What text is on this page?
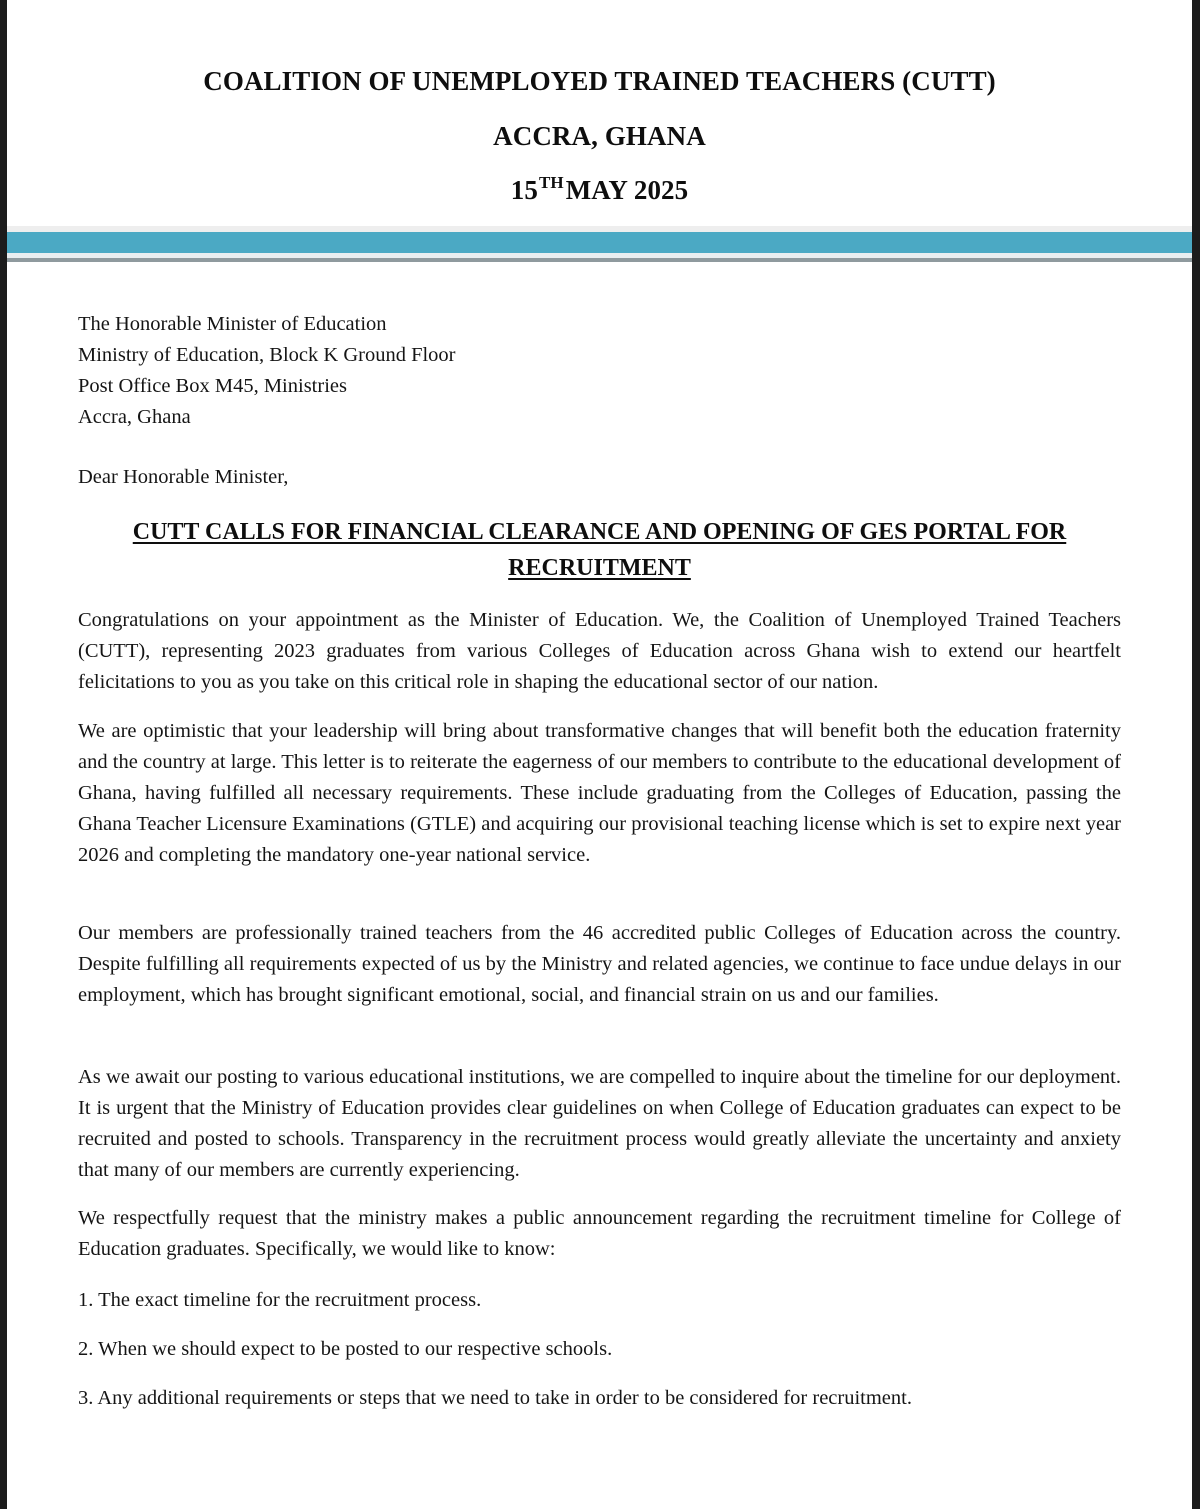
COALITION OF UNEMPLOYED TRAINED TEACHERS (CUTT)
ACCRA, GHANA
15THMAY 2025
The Honorable Minister of Education
Ministry of Education, Block K Ground Floor
Post Office Box M45, Ministries
Accra, Ghana
Dear Honorable Minister,
CUTT CALLS FOR FINANCIAL CLEARANCE AND OPENING OF GES PORTAL FOR RECRUITMENT
Congratulations on your appointment as the Minister of Education. We, the Coalition of Unemployed Trained Teachers (CUTT), representing 2023 graduates from various Colleges of Education across Ghana wish to extend our heartfelt felicitations to you as you take on this critical role in shaping the educational sector of our nation.
We are optimistic that your leadership will bring about transformative changes that will benefit both the education fraternity and the country at large. This letter is to reiterate the eagerness of our members to contribute to the educational development of Ghana, having fulfilled all necessary requirements. These include graduating from the Colleges of Education, passing the Ghana Teacher Licensure Examinations (GTLE) and acquiring our provisional teaching license which is set to expire next year 2026 and completing the mandatory one-year national service.
Our members are professionally trained teachers from the 46 accredited public Colleges of Education across the country. Despite fulfilling all requirements expected of us by the Ministry and related agencies, we continue to face undue delays in our employment, which has brought significant emotional, social, and financial strain on us and our families.
As we await our posting to various educational institutions, we are compelled to inquire about the timeline for our deployment. It is urgent that the Ministry of Education provides clear guidelines on when College of Education graduates can expect to be recruited and posted to schools. Transparency in the recruitment process would greatly alleviate the uncertainty and anxiety that many of our members are currently experiencing.
We respectfully request that the ministry makes a public announcement regarding the recruitment timeline for College of Education graduates. Specifically, we would like to know:
1. The exact timeline for the recruitment process.
2. When we should expect to be posted to our respective schools.
3. Any additional requirements or steps that we need to take in order to be considered for recruitment.
